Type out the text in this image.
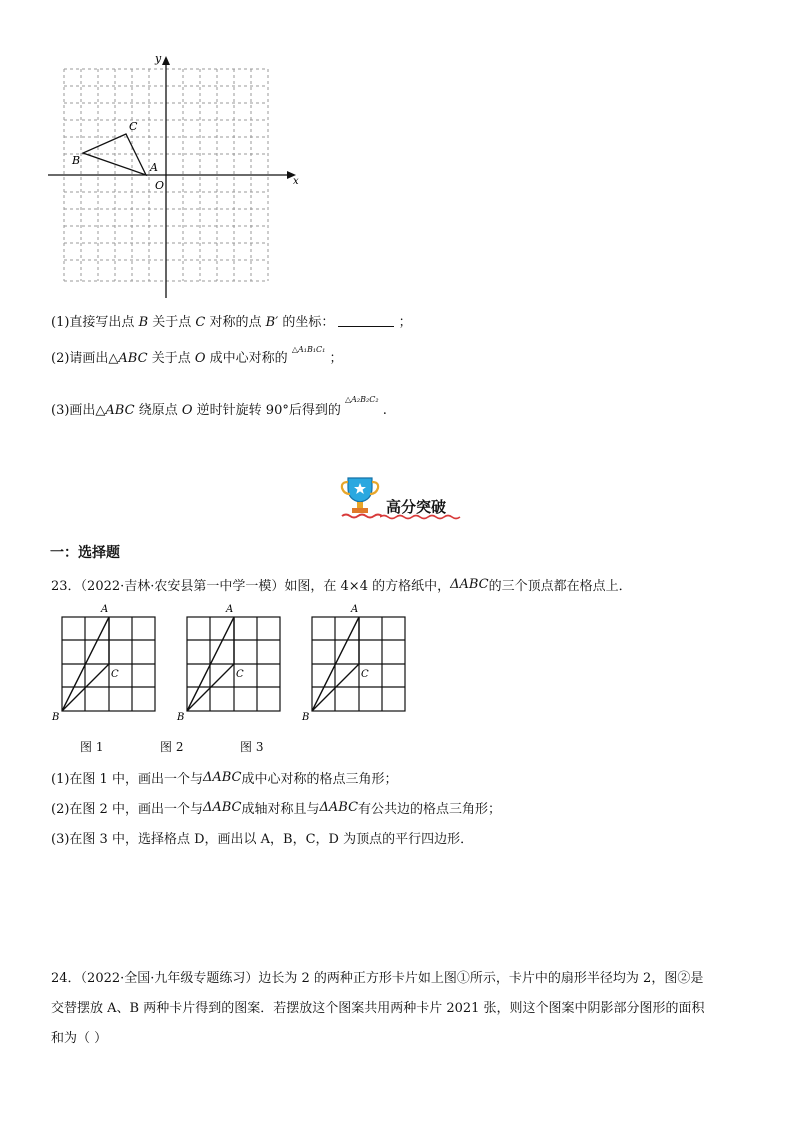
x
y
A
B
C
O
(1)直接写出点 B 关于点 C 对称的点 B′ 的坐标：	；
(2)请画出△ABC 关于点 O 成中心对称的 $^{\triangle A_1B_1C_1}$ ；
(3)画出△ABC 绕原点 O 逆时针旋转 90°后得到的 $^{\triangle A_2B_2C_2}$ .
高分突破
一：选择题
23．（2022·吉林·农安县第一中学一模）如图，在 4×4 的方格纸中，ΔABC的三个顶点都在格点上．
A
B
C
A
B
C
A
B
C
图 1	图 2	图 3
(1)在图 1 中，画出一个与ΔABC成中心对称的格点三角形；
(2)在图 2 中，画出一个与ΔABC成轴对称且与ΔABC有公共边的格点三角形；
(3)在图 3 中，选择格点 D，画出以 A，B，C，D 为顶点的平行四边形．
24．（2022·全国·九年级专题练习）边长为 2 的两种正方形卡片如上图①所示，卡片中的扇形半径均为 2，图②是
交替摆放 A、B 两种卡片得到的图案．若摆放这个图案共用两种卡片 2021 张，则这个图案中阴影部分图形的面积
和为（ ）
